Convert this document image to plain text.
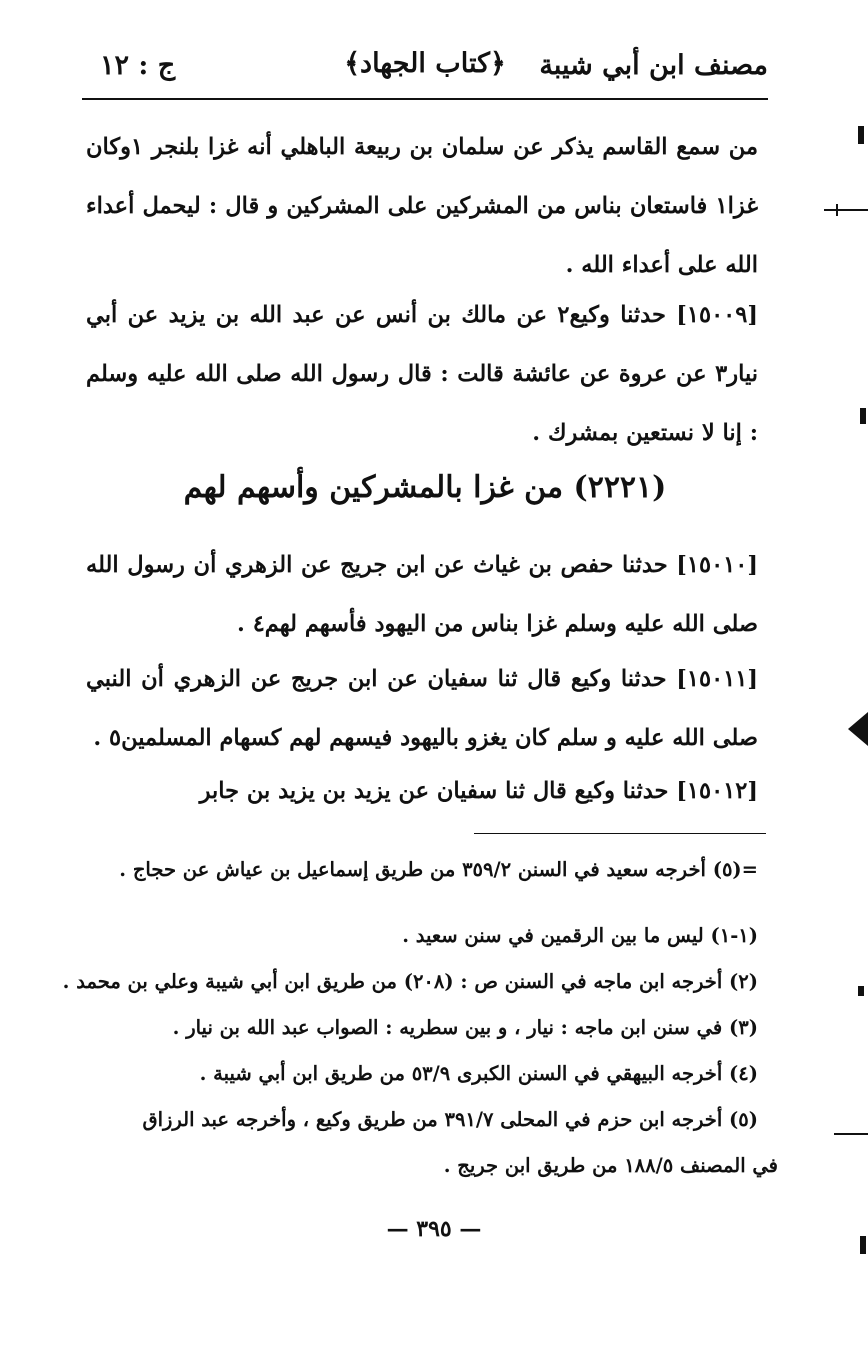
مصنف ابن أبي شيبة
﴿كتاب الجهاد﴾
ج : ١٢
من سمع القاسم يذكر عن سلمان بن ربيعة الباهلي أنه غزا بلنجر ١وكان غزا١ فاستعان بناس من المشركين على المشركين و قال : ليحمل أعداء الله على أعداء الله .
[١٥٠٠٩] حدثنا وكيع٢ عن مالك بن أنس عن عبد الله بن يزيد عن أبي نيار٣ عن عروة عن عائشة قالت : قال رسول الله صلى الله عليه وسلم : إنا لا نستعين بمشرك .
(٢٢٢١) من غزا بالمشركين وأسهم لهم
[١٥٠١٠] حدثنا حفص بن غياث عن ابن جريج عن الزهري أن رسول الله صلى الله عليه وسلم غزا بناس من اليهود فأسهم لهم٤ .
[١٥٠١١] حدثنا وكيع قال ثنا سفيان عن ابن جريج عن الزهري أن النبي صلى الله عليه و سلم كان يغزو باليهود فيسهم لهم كسهام المسلمين٥ .
[١٥٠١٢] حدثنا وكيع قال ثنا سفيان عن يزيد بن يزيد بن جابر
=(٥) أخرجه سعيد في السنن ٣٥٩/٢ من طريق إسماعيل بن عياش عن حجاج .
(١-١) ليس ما بين الرقمين في سنن سعيد .
(٢) أخرجه ابن ماجه في السنن ص : (٢٠٨) من طريق ابن أبي شيبة وعلي بن محمد .
(٣) في سنن ابن ماجه : نيار ، و بين سطريه : الصواب عبد الله بن نيار .
(٤) أخرجه البيهقي في السنن الكبرى ٥٣/٩ من طريق ابن أبي شيبة .
(٥) أخرجه ابن حزم في المحلى ٣٩١/٧ من طريق وكيع ، وأخرجه عبد الرزاق
في المصنف ١٨٨/٥ من طريق ابن جريج .
— ٣٩٥ —
